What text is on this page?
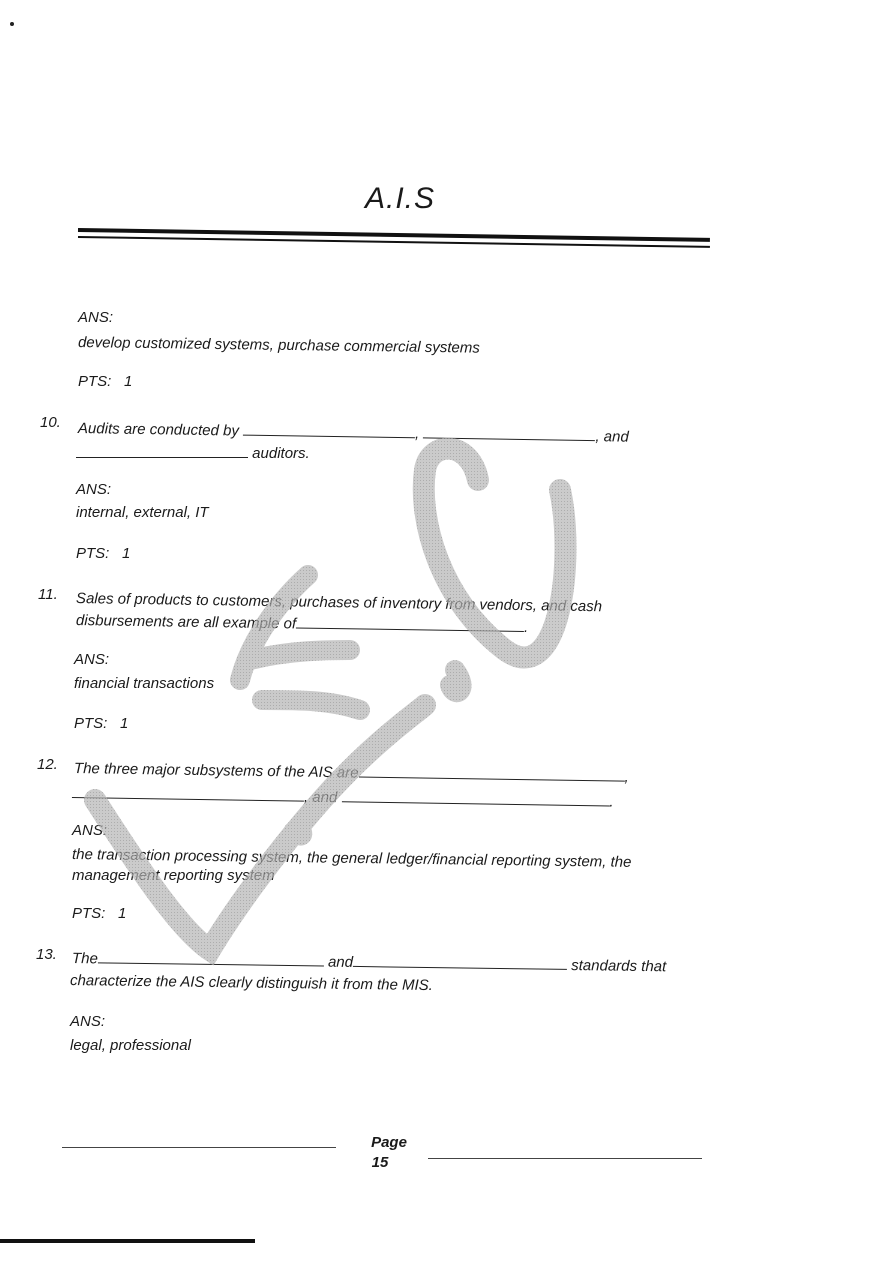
A.I.S
ANS:
develop customized systems, purchase commercial systems
PTS: 1
10. Audits are conducted by	,	, and
auditors.
ANS:
internal, external, IT
PTS: 1
11. Sales of products to customers, purchases of inventory from vendors, and cash
disbursements are all example of	.
ANS:
financial transactions
PTS: 1
12. The three major subsystems of the AIS are	,
, and	.
ANS:
the transaction processing system, the general ledger/financial reporting system, the
management reporting system
PTS: 1
13. The	and	standards that
characterize the AIS clearly distinguish it from the MIS.
ANS:
legal, professional
Page
15
